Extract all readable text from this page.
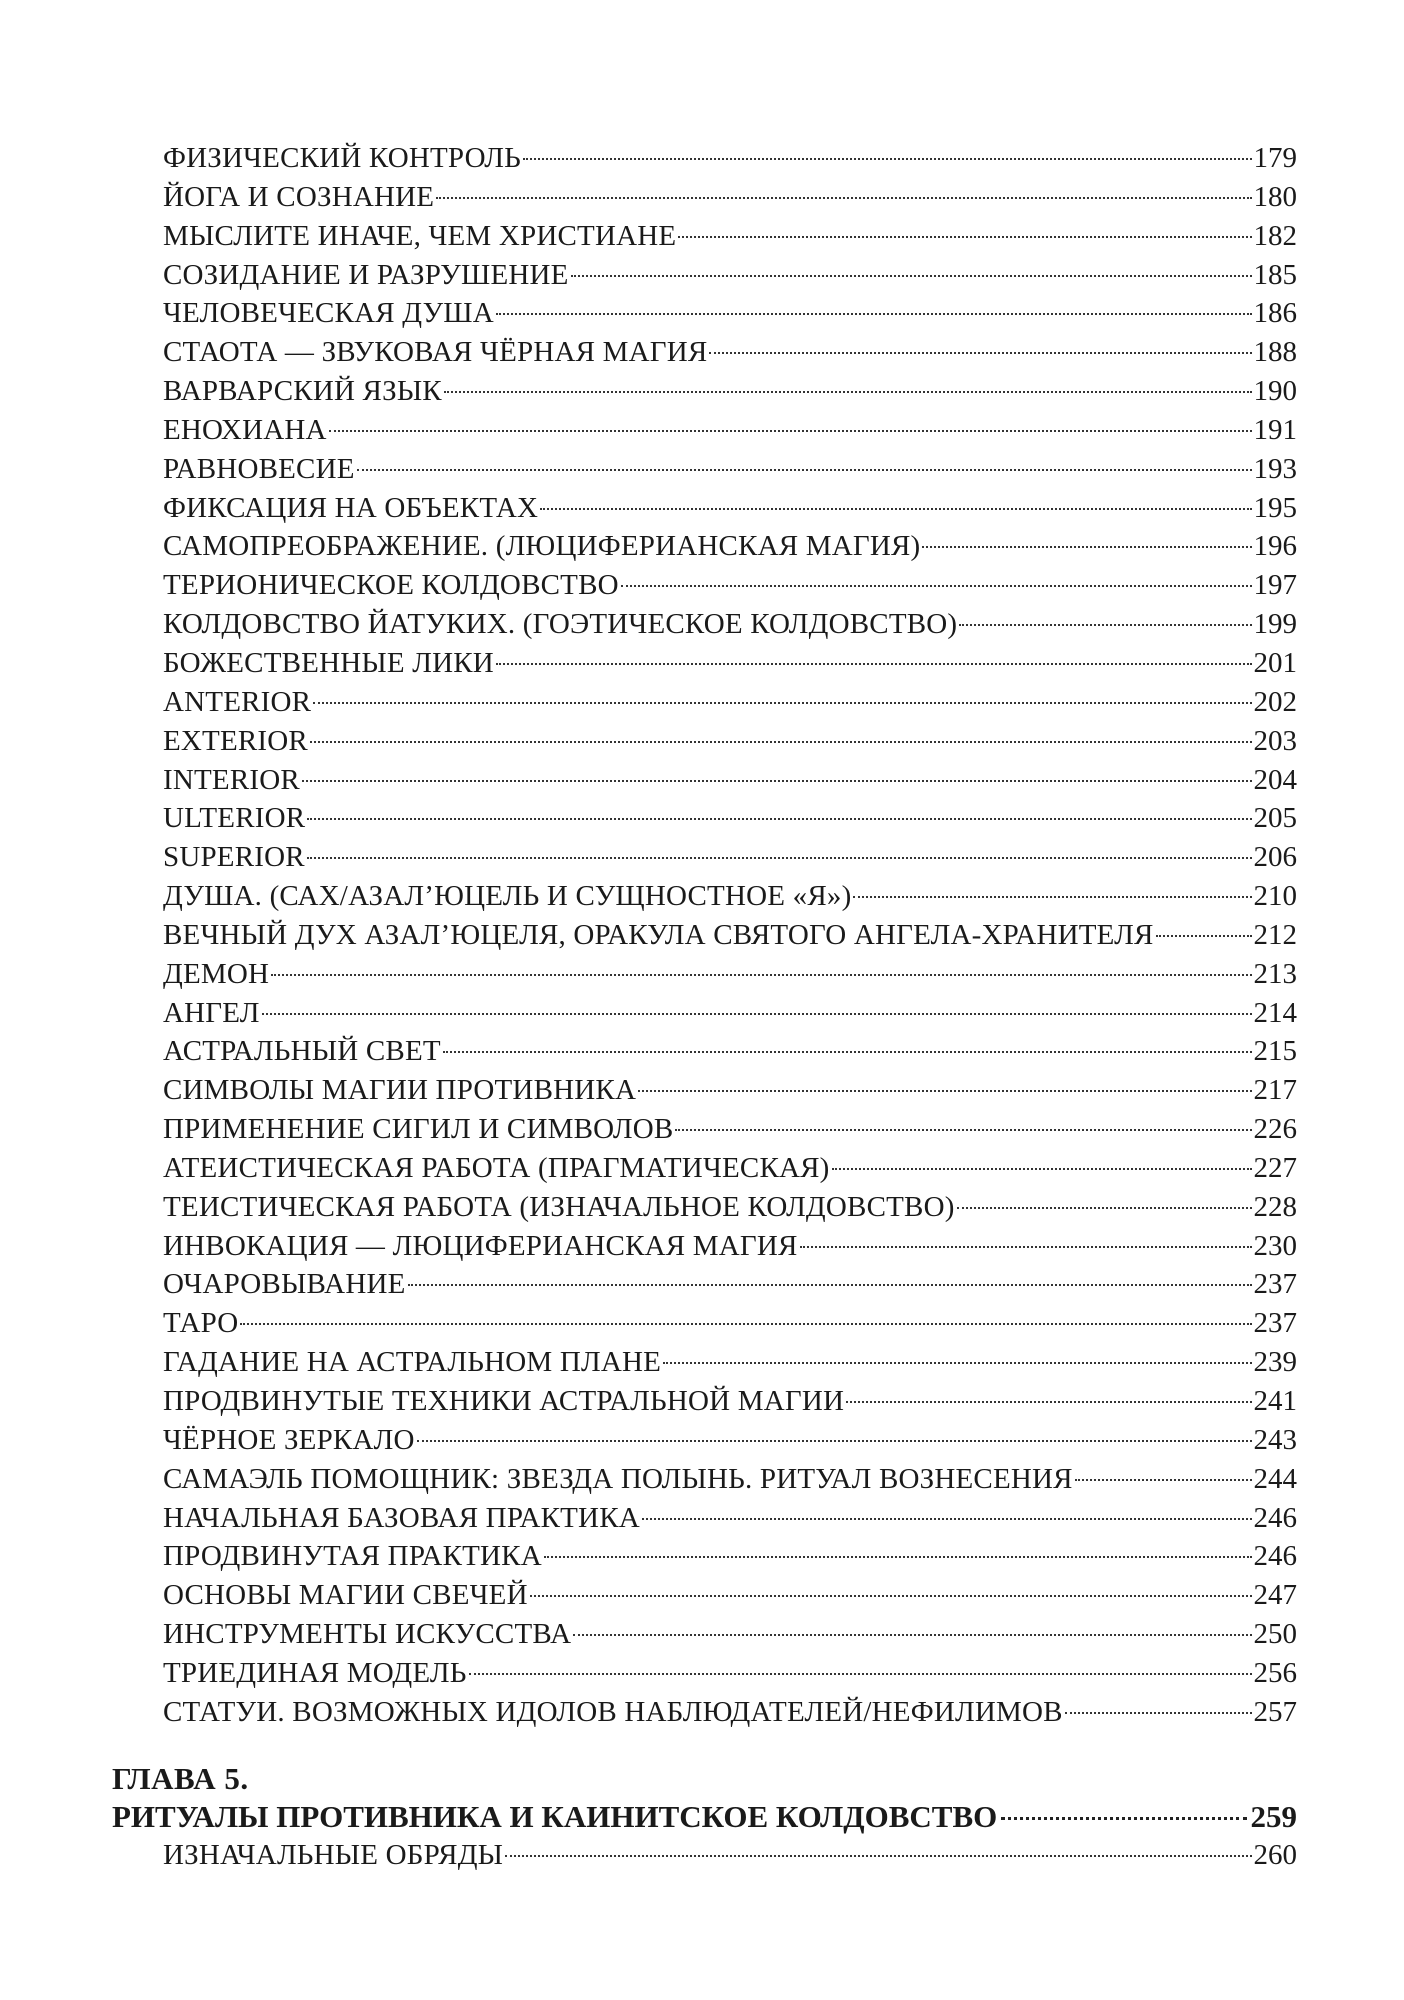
ФИЗИЧЕСКИЙ КОНТРОЛЬ	179
ЙОГА И СОЗНАНИЕ	180
МЫСЛИТЕ ИНАЧЕ, ЧЕМ ХРИСТИАНЕ	182
СОЗИДАНИЕ И РАЗРУШЕНИЕ	185
ЧЕЛОВЕЧЕСКАЯ ДУША	186
СТАОТА — ЗВУКОВАЯ ЧЁРНАЯ МАГИЯ	188
ВАРВАРСКИЙ ЯЗЫК	190
ЕНОХИАНА	191
РАВНОВЕСИЕ	193
ФИКСАЦИЯ НА ОБЪЕКТАХ	195
САМОПРЕОБРАЖЕНИЕ. (ЛЮЦИФЕРИАНСКАЯ МАГИЯ)	196
ТЕРИОНИЧЕСКОЕ КОЛДОВСТВО	197
КОЛДОВСТВО ЙАТУКИХ. (ГОЭТИЧЕСКОЕ КОЛДОВСТВО)	199
БОЖЕСТВЕННЫЕ ЛИКИ	201
ANTERIOR	202
EXTERIOR	203
INTERIOR	204
ULTERIOR	205
SUPERIOR	206
ДУША. (САХ/АЗАЛ’ЮЦЕЛЬ И СУЩНОСТНОЕ «Я»)	210
ВЕЧНЫЙ ДУХ АЗАЛ’ЮЦЕЛЯ, ОРАКУЛА СВЯТОГО АНГЕЛА-ХРАНИТЕЛЯ	212
ДЕМОН	213
АНГЕЛ	214
АСТРАЛЬНЫЙ СВЕТ	215
СИМВОЛЫ МАГИИ ПРОТИВНИКА	217
ПРИМЕНЕНИЕ СИГИЛ И СИМВОЛОВ	226
АТЕИСТИЧЕСКАЯ РАБОТА (ПРАГМАТИЧЕСКАЯ)	227
ТЕИСТИЧЕСКАЯ РАБОТА (ИЗНАЧАЛЬНОЕ КОЛДОВСТВО)	228
ИНВОКАЦИЯ — ЛЮЦИФЕРИАНСКАЯ МАГИЯ	230
ОЧАРОВЫВАНИЕ	237
ТАРО	237
ГАДАНИЕ НА АСТРАЛЬНОМ ПЛАНЕ	239
ПРОДВИНУТЫЕ ТЕХНИКИ АСТРАЛЬНОЙ МАГИИ	241
ЧЁРНОЕ ЗЕРКАЛО	243
САМАЭЛЬ ПОМОЩНИК: ЗВЕЗДА ПОЛЫНЬ. РИТУАЛ ВОЗНЕСЕНИЯ	244
НАЧАЛЬНАЯ БАЗОВАЯ ПРАКТИКА	246
ПРОДВИНУТАЯ ПРАКТИКА	246
ОСНОВЫ МАГИИ СВЕЧЕЙ	247
ИНСТРУМЕНТЫ ИСКУССТВА	250
ТРИЕДИНАЯ МОДЕЛЬ	256
СТАТУИ. ВОЗМОЖНЫХ ИДОЛОВ НАБЛЮДАТЕЛЕЙ/НЕФИЛИМОВ	257
ГЛАВА 5.
РИТУАЛЫ ПРОТИВНИКА И КАИНИТСКОЕ КОЛДОВСТВО	259
ИЗНАЧАЛЬНЫЕ ОБРЯДЫ	260
